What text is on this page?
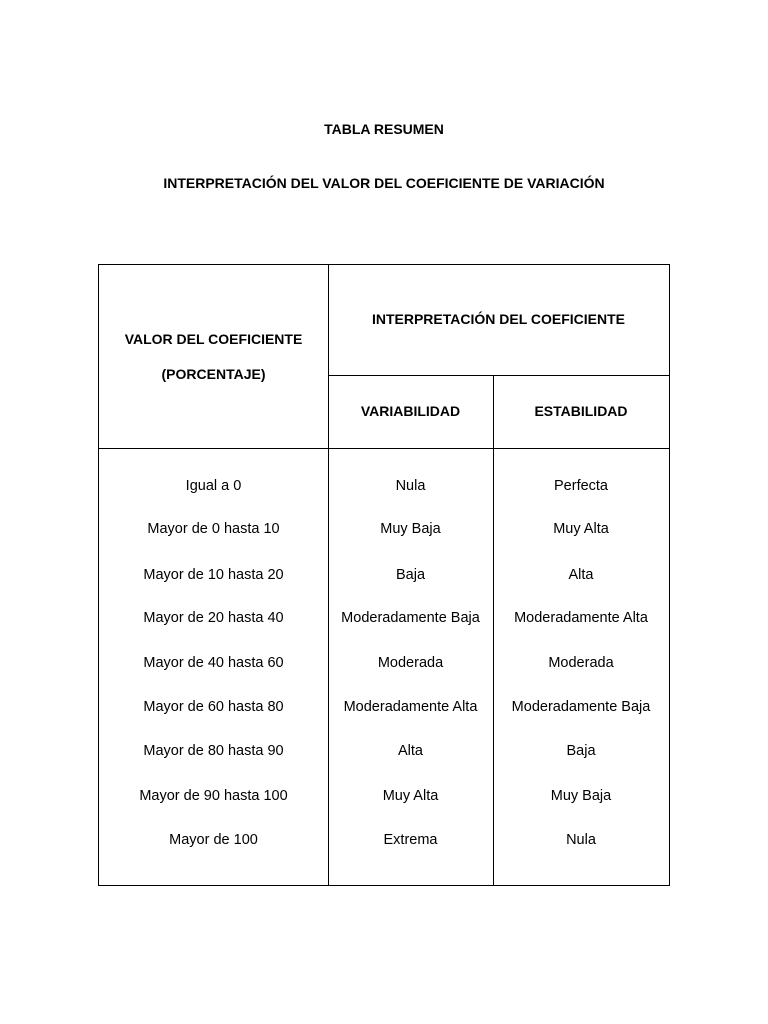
TABLA RESUMEN
INTERPRETACIÓN DEL VALOR DEL COEFICIENTE DE VARIACIÓN
VALOR DEL COEFICIENTE
(PORCENTAJE)
INTERPRETACIÓN DEL COEFICIENTE
VARIABILIDAD	ESTABILIDAD
Igual a 0	Nula	Perfecta
Mayor de 0 hasta 10	Muy Baja	Muy Alta
Mayor de 10 hasta 20	Baja	Alta
Mayor de 20 hasta 40	Moderadamente Baja	Moderadamente Alta
Mayor de 40 hasta 60	Moderada	Moderada
Mayor de 60 hasta 80	Moderadamente Alta	Moderadamente Baja
Mayor de 80 hasta 90	Alta	Baja
Mayor de 90 hasta 100	Muy Alta	Muy Baja
Mayor de 100	Extrema	Nula
